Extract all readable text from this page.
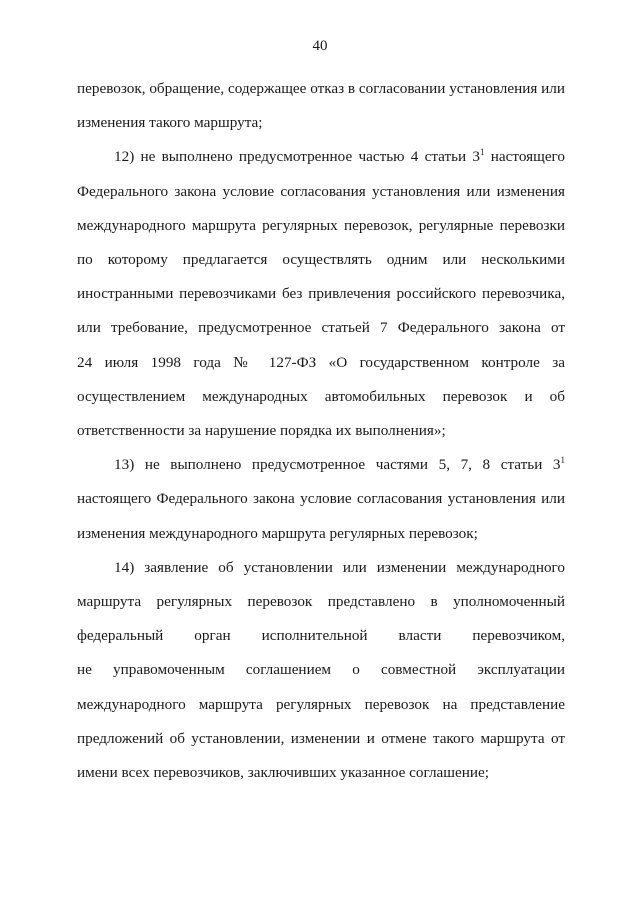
40

перевозок, обращение, содержащее отказ в согласовании установления или
изменения такого маршрута;

12) не выполнено предусмотренное частью 4 статьи $3^1$ настоящего
Федерального закона условие согласования установления или изменения
международного маршрута регулярных перевозок, регулярные перевозки
по которому предлагается осуществлять одним или несколькими
иностранными перевозчиками без привлечения российского перевозчика,
или требование, предусмотренное статьей 7 Федерального закона от
24 июля 1998 года № 127-ФЗ «О государственном контроле за
осуществлением международных автомобильных перевозок и об
ответственности за нарушение порядка их выполнения»;

13) не выполнено предусмотренное частями 5, 7, 8 статьи $3^1$
настоящего Федерального закона условие согласования установления или
изменения международного маршрута регулярных перевозок;

14) заявление об установлении или изменении международного
маршрута регулярных перевозок представлено в уполномоченный
федеральный орган исполнительной власти перевозчиком,
не управомоченным соглашением о совместной эксплуатации
международного маршрута регулярных перевозок на представление
предложений об установлении, изменении и отмене такого маршрута от
имени всех перевозчиков, заключивших указанное соглашение;
